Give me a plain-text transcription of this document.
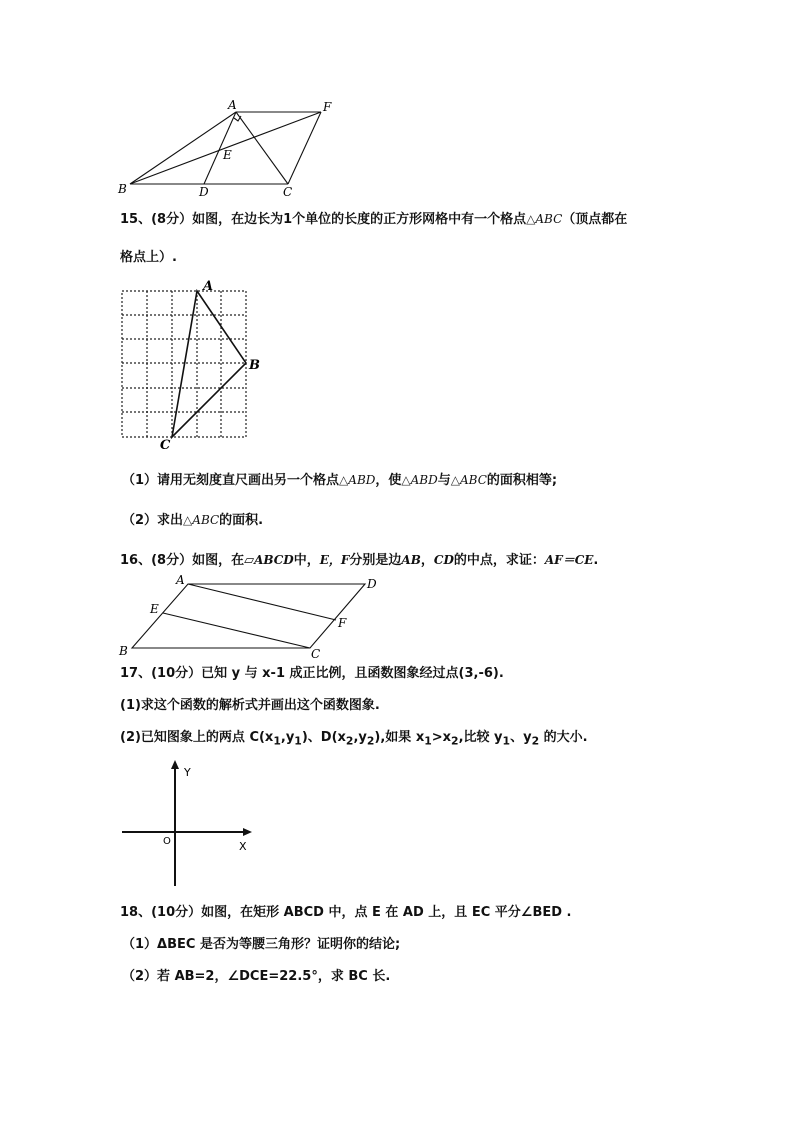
A	F
E
B	D	C
15、(8分）如图，在边长为1个单位的长度的正方形网格中有一个格点△ABC（顶点都在
格点上）.
A
B
C
（1）请用无刻度直尺画出另一个格点△ABD，使△ABD与△ABC的面积相等;
（2）求出△ABC的面积.
16、(8分）如图，在▱ABCD中，E，F分别是边AB，CD的中点，求证：AF＝CE.
A	D
E
F
B	C
17、(10分）已知 y 与 x-1 成正比例，且函数图象经过点(3,-6).
(1)求这个函数的解析式并画出这个函数图象.
(2)已知图象上的两点 $C(x_1,y_1)$、$D(x_2,y_2)$,如果 $x_1>x_2$,比较 $y_1$、$y_2$ 的大小.
Y
X
O
18、(10分）如图，在矩形 ABCD 中，点 E 在 AD 上，且 EC 平分∠BED .
（1）ΔBEC 是否为等腰三角形？证明你的结论;
（2）若 AB=2，∠DCE=22.5°，求 BC 长.
